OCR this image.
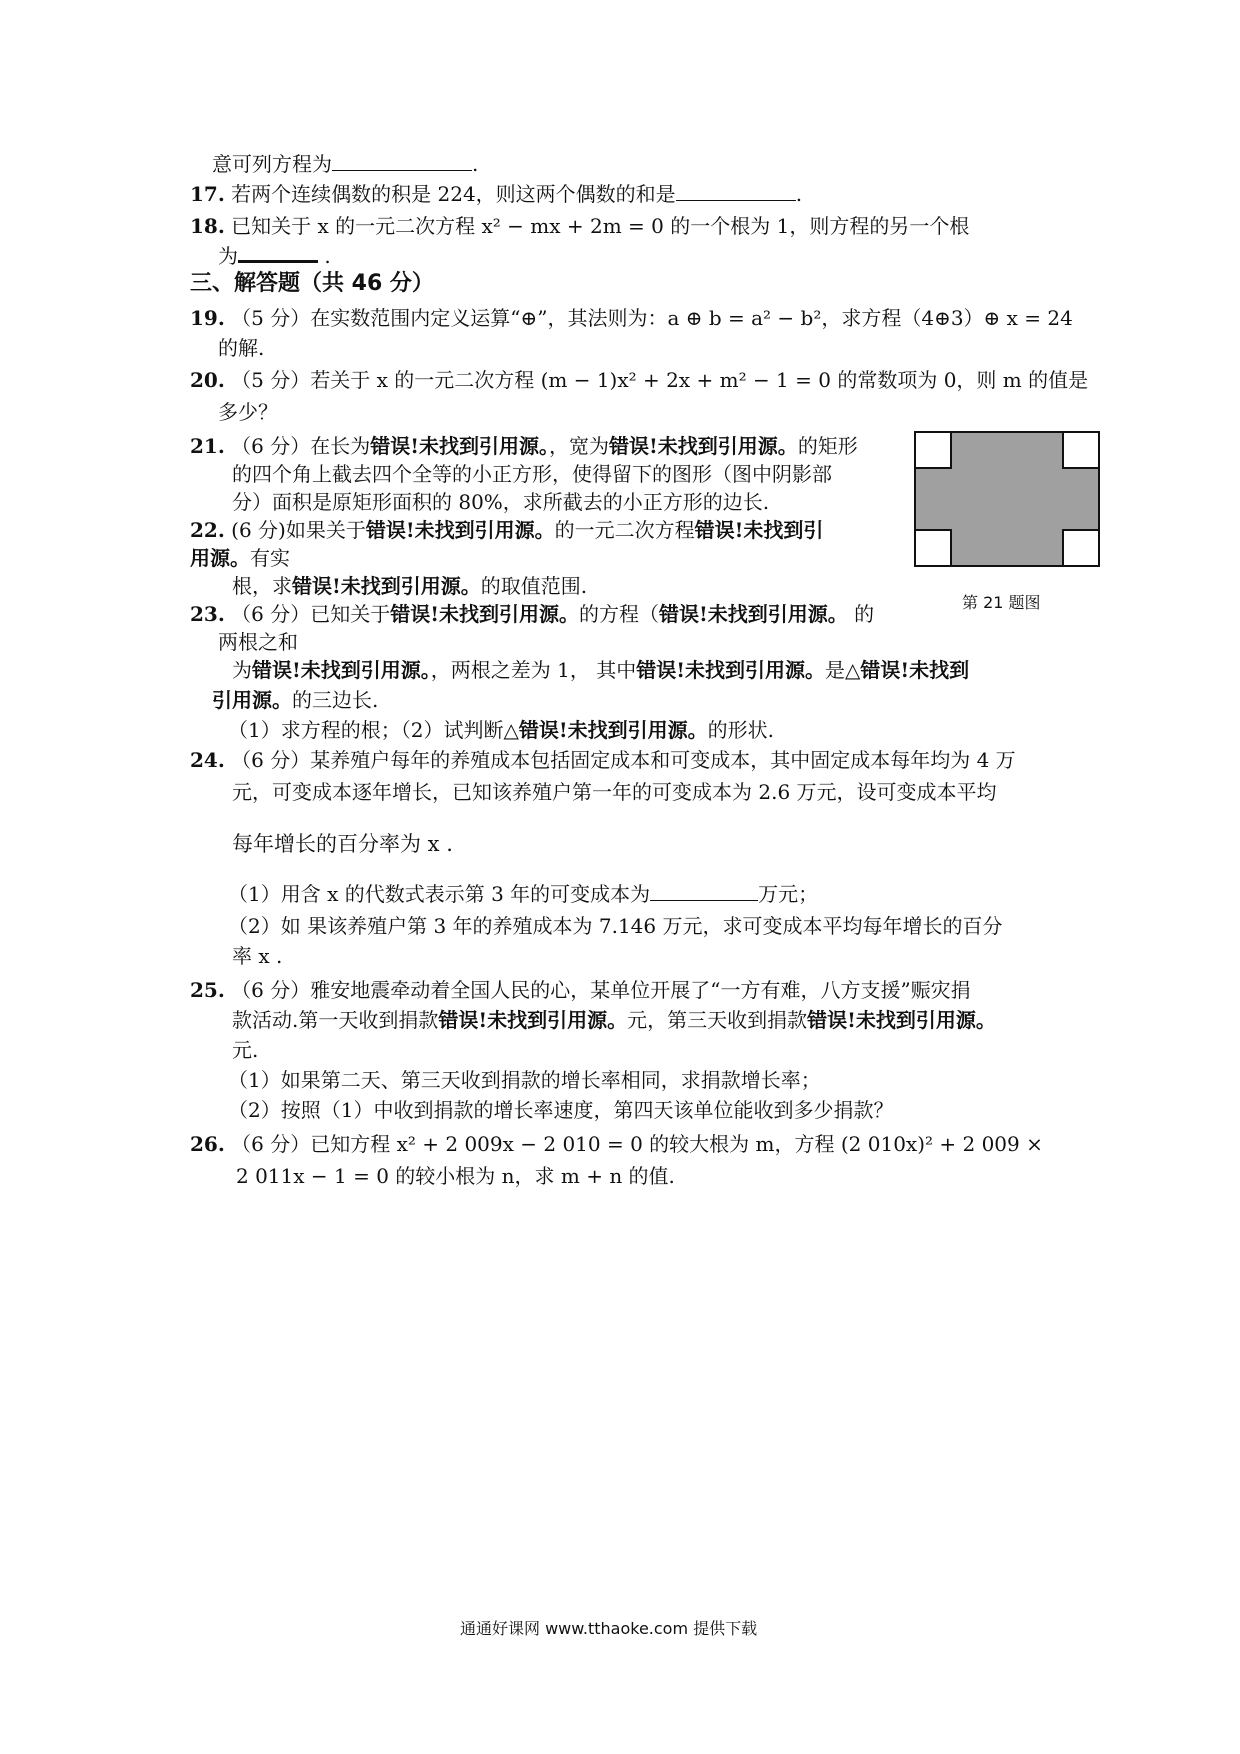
意可列方程为	.
17. 若两个连续偶数的积是 224，则这两个偶数的和是	.
18. 已知关于 x 的一元二次方程 x² − mx + 2m = 0 的一个根为 1，则方程的另一个根
为	.
三、解答题（共 46 分）
19. （5 分）在实数范围内定义运算“⊕”，其法则为：a ⊕ b = a² − b²，求方程（4⊕3）⊕ x = 24
的解.
20. （5 分）若关于 x 的一元二次方程 (m − 1)x² + 2x + m² − 1 = 0 的常数项为 0，则 m 的值是
多少？
21. （6 分）在长为错误!未找到引用源。，宽为错误!未找到引用源。的矩形
的四个角上截去四个全等的小正方形，使得留下的图形（图中阴影部
分）面积是原矩形面积的 80%，求所截去的小正方形的边长.
第 21 题图
22. (6 分)如果关于错误!未找到引用源。的一元二次方程错误!未找到引
用源。有实
根，求错误!未找到引用源。的取值范围.
23. （6 分）已知关于错误!未找到引用源。的方程（错误!未找到引用源。 的
两根之和
为错误!未找到引用源。，两根之差为 1， 其中错误!未找到引用源。是△错误!未找到
引用源。的三边长.
（1）求方程的根；（2）试判断△错误!未找到引用源。的形状.
24. （6 分）某养殖户每年的养殖成本包括固定成本和可变成本，其中固定成本每年均为 4 万
元，可变成本逐年增长，已知该养殖户第一年的可变成本为 2.6 万元，设可变成本平均
每年增长的百分率为 x .
（1）用含 x 的代数式表示第 3 年的可变成本为	万元；
（2）如 果该养殖户第 3 年的养殖成本为 7.146 万元，求可变成本平均每年增长的百分
率 x .
25. （6 分）雅安地震牵动着全国人民的心，某单位开展了“一方有难，八方支援”赈灾捐
款活动.第一天收到捐款错误!未找到引用源。元，第三天收到捐款错误!未找到引用源。
元.
（1）如果第二天、第三天收到捐款的增长率相同，求捐款增长率；
（2）按照（1）中收到捐款的增长率速度，第四天该单位能收到多少捐款？
26. （6 分）已知方程 x² + 2 009x − 2 010 = 0 的较大根为 m，方程 (2 010x)² + 2 009 ×
2 011x − 1 = 0 的较小根为 n，求 m + n 的值.
通通好课网 www.tthaoke.com 提供下载
